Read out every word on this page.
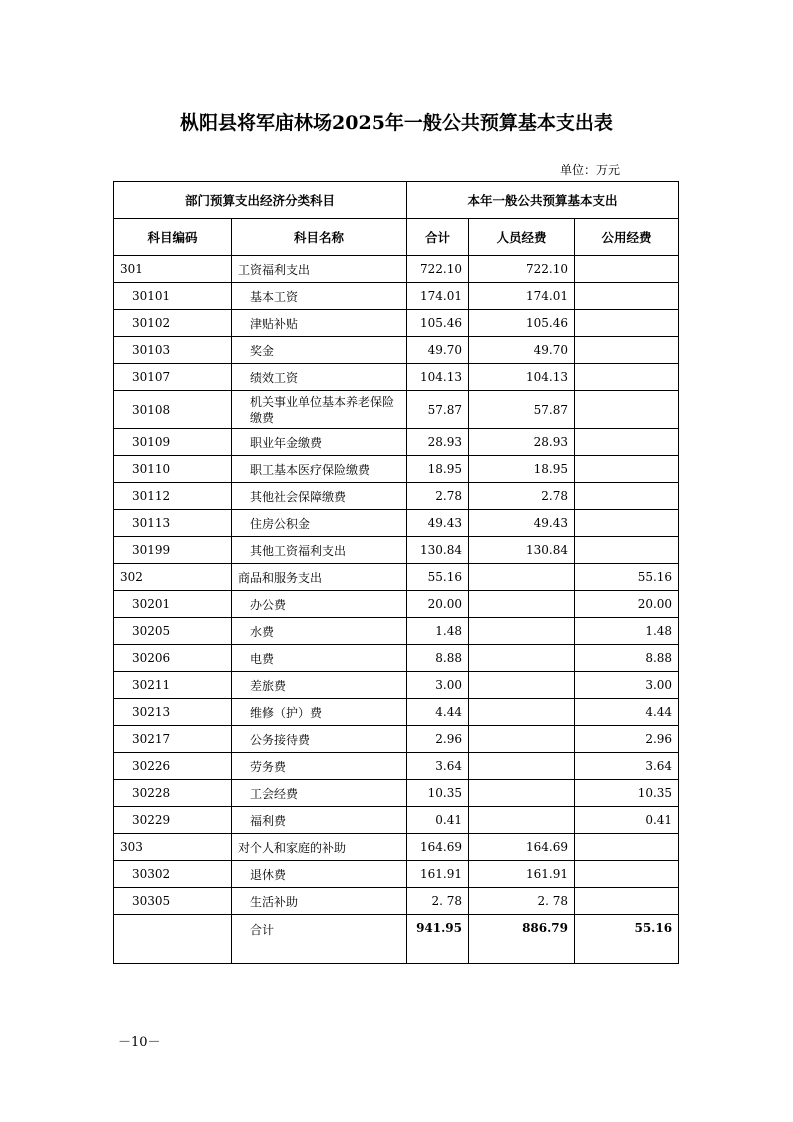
枞阳县将军庙林场2025年一般公共预算基本支出表
单位：万元
部门预算支出经济分类科目		本年一般公共预算基本支出		
科目编码	科目名称	合计	人员经费	公用经费
301	工资福利支出	722.10	722.10	
30101	基本工资	174.01	174.01	
30102	津贴补贴	105.46	105.46	
30103	奖金	49.70	49.70	
30107	绩效工资	104.13	104.13	
30108	机关事业单位基本养老保险缴费	57.87	57.87	
30109	职业年金缴费	28.93	28.93	
30110	职工基本医疗保险缴费	18.95	18.95	
30112	其他社会保障缴费	2.78	2.78	
30113	住房公积金	49.43	49.43	
30199	其他工资福利支出	130.84	130.84	
302	商品和服务支出	55.16		55.16
30201	办公费	20.00		20.00
30205	水费	1.48		1.48
30206	电费	8.88		8.88
30211	差旅费	3.00		3.00
30213	维修（护）费	4.44		4.44
30217	公务接待费	2.96		2.96
30226	劳务费	3.64		3.64
30228	工会经费	10.35		10.35
30229	福利费	0.41		0.41
303	对个人和家庭的补助	164.69	164.69	
30302	退休费	161.91	161.91	
30305	生活补助	2. 78	2. 78	
	合计	941.95	886.79	55.16
－10－
